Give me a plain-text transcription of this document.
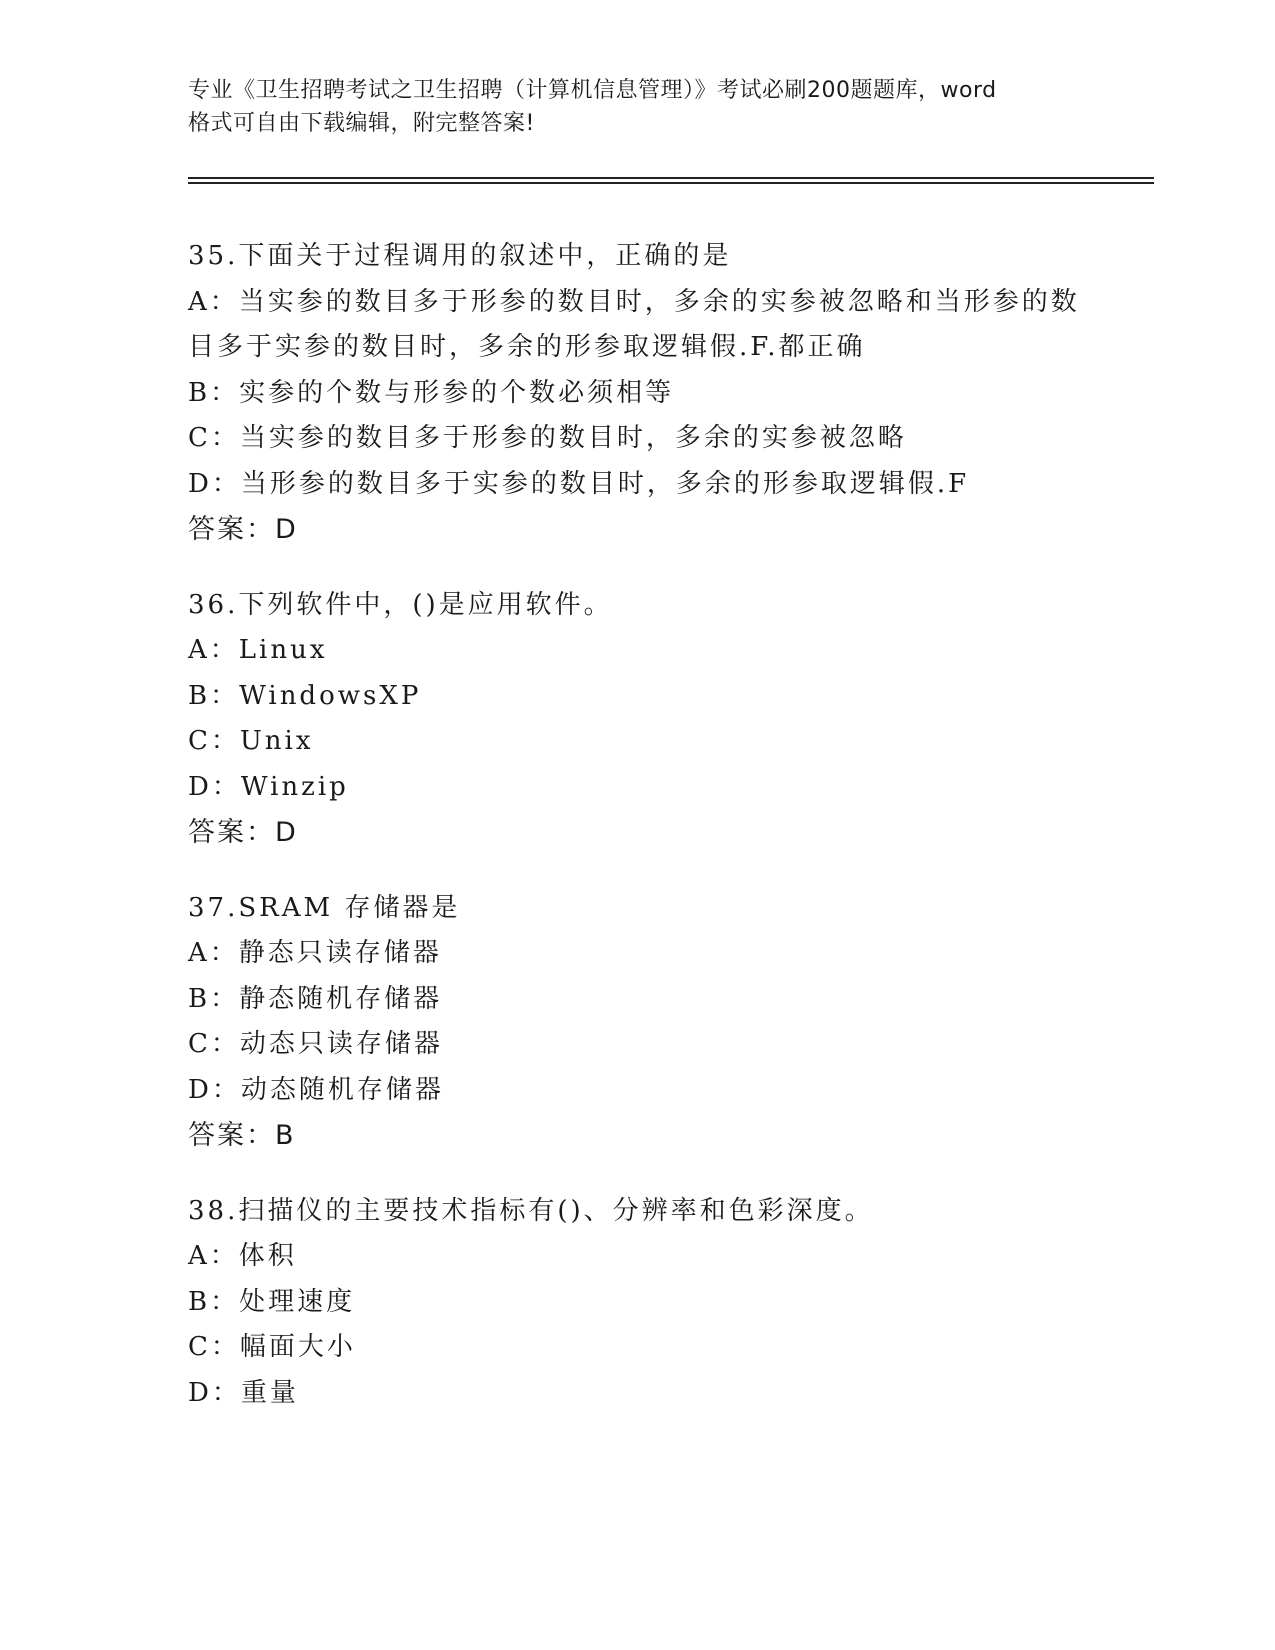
专业《卫生招聘考试之卫生招聘（计算机信息管理）》考试必刷200题题库，word
格式可自由下载编辑，附完整答案!
35.下面关于过程调用的叙述中，正确的是
A：当实参的数目多于形参的数目时，多余的实参被忽略和当形参的数
目多于实参的数目时，多余的形参取逻辑假.F.都正确
B：实参的个数与形参的个数必须相等
C：当实参的数目多于形参的数目时，多余的实参被忽略
D：当形参的数目多于实参的数目时，多余的形参取逻辑假.F
答案：D
36.下列软件中，()是应用软件。
A：Linux
B：WindowsXP
C：Unix
D：Winzip
答案：D
37.SRAM 存储器是
A：静态只读存储器
B：静态随机存储器
C：动态只读存储器
D：动态随机存储器
答案：B
38.扫描仪的主要技术指标有()、分辨率和色彩深度。
A：体积
B：处理速度
C：幅面大小
D：重量
